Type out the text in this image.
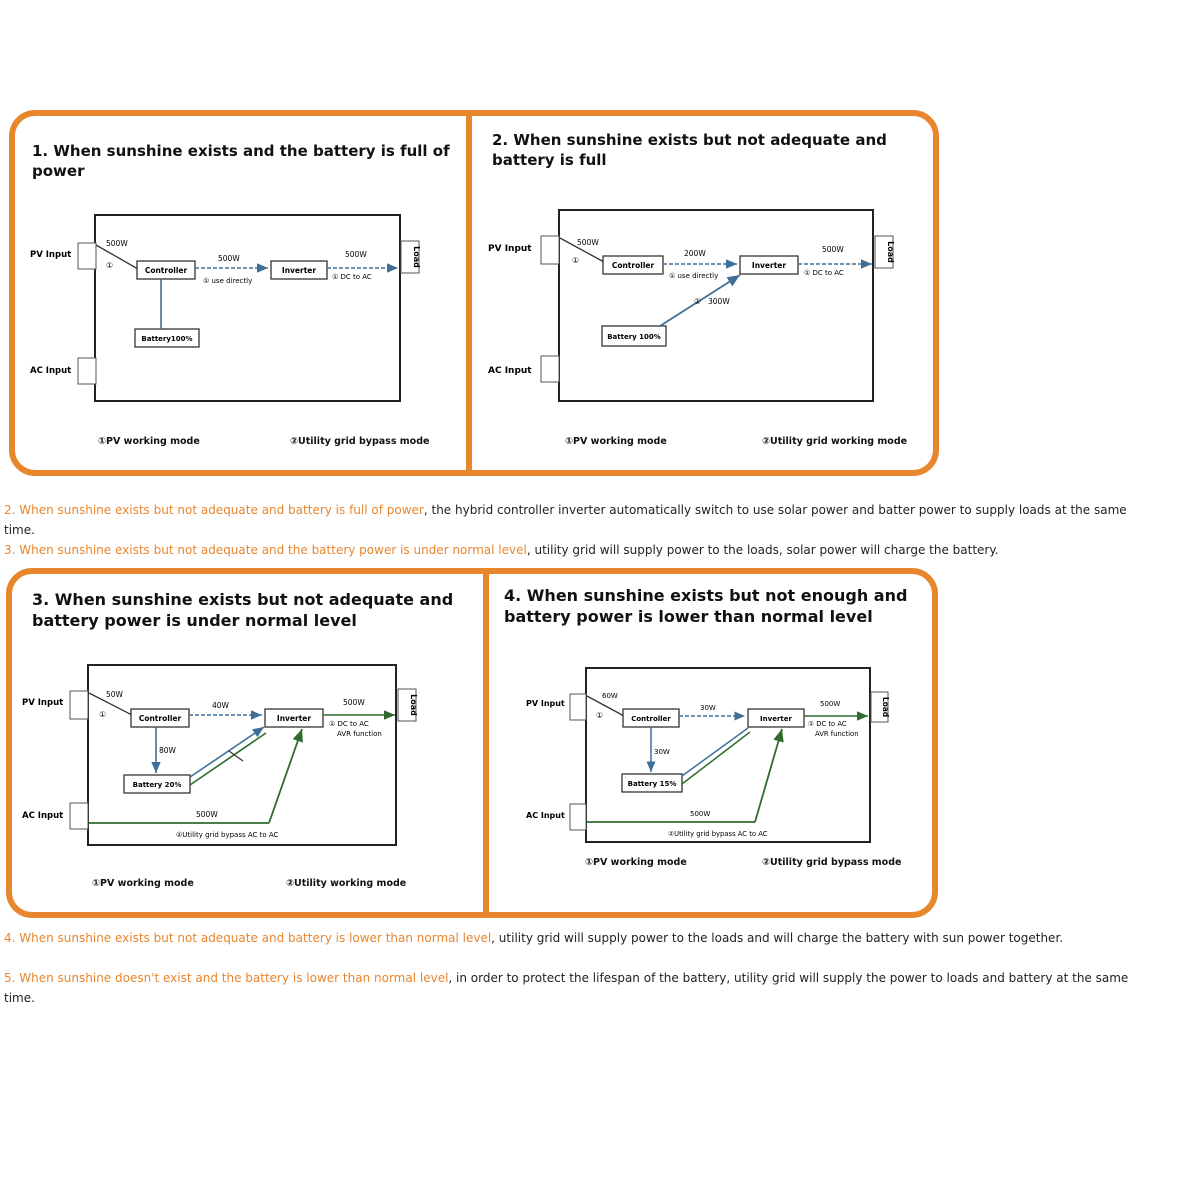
1. When sunshine exists and the battery is full of power
PV Input
AC Input
Load
500W
①
Controller	Inverter
Battery100%
500W
① use directly
500W
① DC to AC
①PV working mode	②Utility grid bypass mode
2. When sunshine exists but not adequate and battery is full
PV Input
AC Input
Load
500W
①
Controller	Inverter
Battery 100%
200W
① use directly
500W
① DC to AC
300W
①
①PV working mode	②Utility grid working mode
2. When sunshine exists but not adequate and battery is full of power, the hybrid controller inverter automatically switch to use solar power and batter power to supply loads at the same time.
3. When sunshine exists but not adequate and the battery power is under normal level, utility grid will supply power to the loads, solar power will charge the battery.
3. When sunshine exists but not adequate and battery power is under normal level
PV Input
AC Input
Load
50W
①	Controller	Inverter
Battery 20%
40W	500W
① DC to AC
AVR function
80W
500W
②Utility grid bypass AC to AC
①PV working mode	②Utility working mode
4. When sunshine exists but not enough and battery power is lower than normal level
PV Input
AC Input
Load
60W
①	Controller	Inverter
Battery 15%
30W	500W
① DC to AC
AVR function
30W
500W
②Utility grid bypass AC to AC
①PV working mode	②Utility grid bypass mode
4. When sunshine exists but not adequate and battery is lower than normal level, utility grid will supply power to the loads and will charge the battery with sun power together.
5. When sunshine doesn't exist and the battery is lower than normal level, in order to protect the lifespan of the battery, utility grid will supply the power to loads and battery at the same time.
